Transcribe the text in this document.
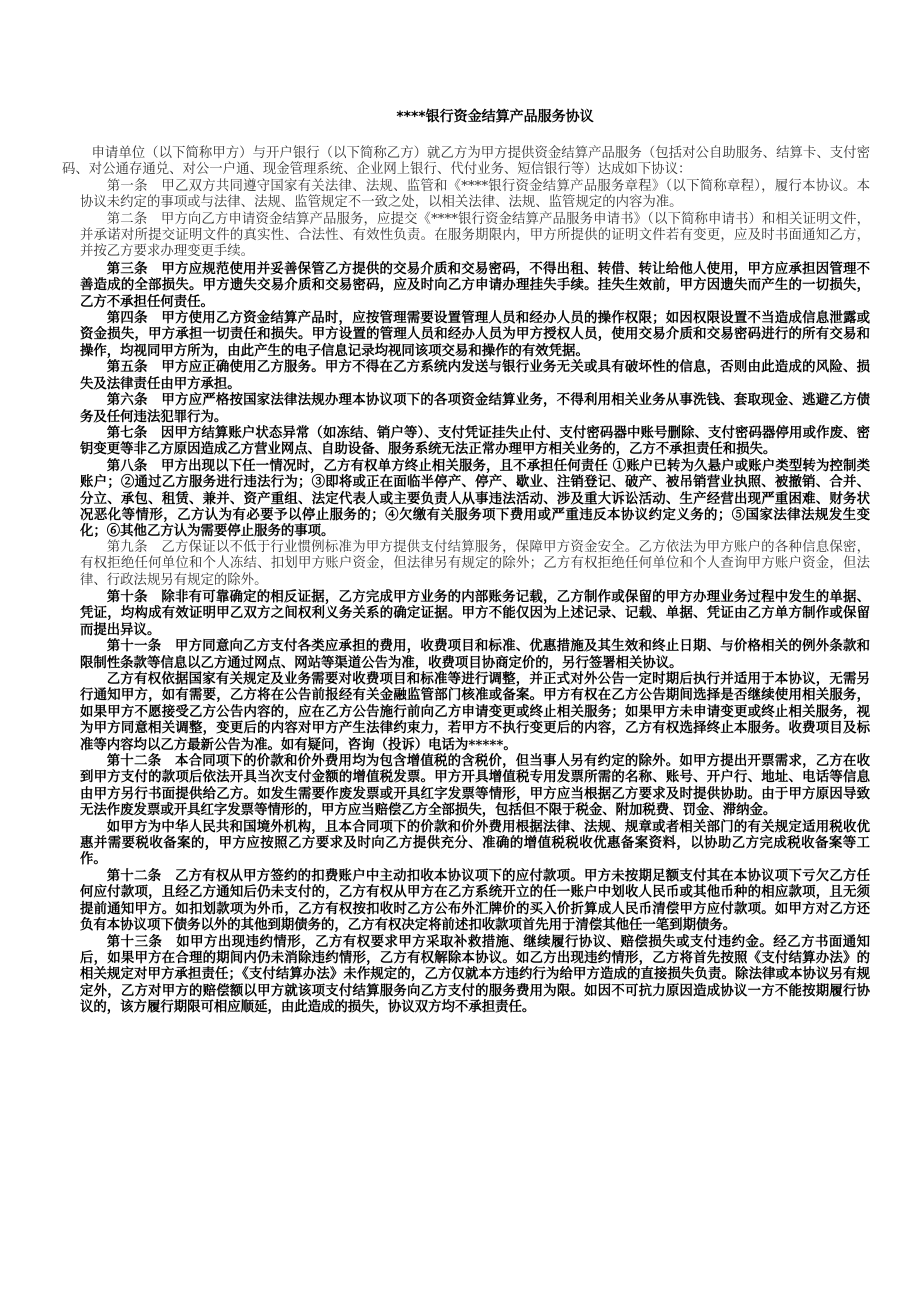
****银行资金结算产品服务协议

申请单位（以下简称甲方）与开户银行（以下简称乙方）就乙方为甲方提供资金结算产品服务（包括对公自助服务、结算卡、支付密码、对公通存通兑、对公一户通、现金管理系统、企业网上银行、代付业务、短信银行等）达成如下协议：

第一条　甲乙双方共同遵守国家有关法律、法规、监管和《****银行资金结算产品服务章程》（以下简称章程），履行本协议。本协议未约定的事项或与法律、法规、监管规定不一致之处，以相关法律、法规、监管规定的内容为准。

第二条　甲方向乙方申请资金结算产品服务，应提交《****银行资金结算产品服务申请书》（以下简称申请书）和相关证明文件，并承诺对所提交证明文件的真实性、合法性、有效性负责。在服务期限内，甲方所提供的证明文件若有变更，应及时书面通知乙方，并按乙方要求办理变更手续。

第三条　甲方应规范使用并妥善保管乙方提供的交易介质和交易密码，不得出租、转借、转让给他人使用，甲方应承担因管理不善造成的全部损失。甲方遗失交易介质和交易密码，应及时向乙方申请办理挂失手续。挂失生效前，甲方因遗失而产生的一切损失，乙方不承担任何责任。

第四条　甲方使用乙方资金结算产品时，应按管理需要设置管理人员和经办人员的操作权限；如因权限设置不当造成信息泄露或资金损失，甲方承担一切责任和损失。甲方设置的管理人员和经办人员为甲方授权人员，使用交易介质和交易密码进行的所有交易和操作，均视同甲方所为，由此产生的电子信息记录均视同该项交易和操作的有效凭据。

第五条　甲方应正确使用乙方服务。甲方不得在乙方系统内发送与银行业务无关或具有破坏性的信息，否则由此造成的风险、损失及法律责任由甲方承担。

第六条　甲方应严格按国家法律法规办理本协议项下的各项资金结算业务，不得利用相关业务从事洗钱、套取现金、逃避乙方债务及任何违法犯罪行为。

第七条　因甲方结算账户状态异常（如冻结、销户等）、支付凭证挂失止付、支付密码器中账号删除、支付密码器停用或作废、密钥变更等非乙方原因造成乙方营业网点、自助设备、服务系统无法正常办理甲方相关业务的，乙方不承担责任和损失。

第八条　甲方出现以下任一情况时，乙方有权单方终止相关服务，且不承担任何责任 ①账户已转为久悬户或账户类型转为控制类账户；②通过乙方服务进行违法行为；③即将或正在面临半停产、停产、歇业、注销登记、破产、被吊销营业执照、被撤销、合并、分立、承包、租赁、兼并、资产重组、法定代表人或主要负责人从事违法活动、涉及重大诉讼活动、生产经营出现严重困难、财务状况恶化等情形，乙方认为有必要予以停止服务的；④欠缴有关服务项下费用或严重违反本协议约定义务的；⑤国家法律法规发生变化；⑥其他乙方认为需要停止服务的事项。

第九条　乙方保证以不低于行业惯例标准为甲方提供支付结算服务，保障甲方资金安全。乙方依法为甲方账户的各种信息保密，有权拒绝任何单位和个人冻结、扣划甲方账户资金，但法律另有规定的除外；乙方有权拒绝任何单位和个人查询甲方账户资金，但法律、行政法规另有规定的除外。

第十条　除非有可靠确定的相反证据，乙方完成甲方业务的内部账务记载，乙方制作或保留的甲方办理业务过程中发生的单据、凭证，均构成有效证明甲乙双方之间权利义务关系的确定证据。甲方不能仅因为上述记录、记载、单据、凭证由乙方单方制作或保留而提出异议。

第十一条　甲方同意向乙方支付各类应承担的费用，收费项目和标准、优惠措施及其生效和终止日期、与价格相关的例外条款和限制性条款等信息以乙方通过网点、网站等渠道公告为准，收费项目协商定价的，另行签署相关协议。

乙方有权依据国家有关规定及业务需要对收费项目和标准等进行调整，并正式对外公告一定时期后执行并适用于本协议，无需另行通知甲方，如有需要，乙方将在公告前报经有关金融监管部门核准或备案。甲方有权在乙方公告期间选择是否继续使用相关服务，如果甲方不愿接受乙方公告内容的，应在乙方公告施行前向乙方申请变更或终止相关服务；如果甲方未申请变更或终止相关服务，视为甲方同意相关调整，变更后的内容对甲方产生法律约束力，若甲方不执行变更后的内容，乙方有权选择终止本服务。收费项目及标准等内容均以乙方最新公告为准。如有疑问，咨询（投诉）电话为*****。

第十二条　本合同项下的价款和价外费用均为包含增值税的含税价，但当事人另有约定的除外。如甲方提出开票需求，乙方在收到甲方支付的款项后依法开具当次支付金额的增值税发票。甲方开具增值税专用发票所需的名称、账号、开户行、地址、电话等信息由甲方另行书面提供给乙方。如发生需要作废发票或开具红字发票等情形，甲方应当根据乙方要求及时提供协助。由于甲方原因导致无法作废发票或开具红字发票等情形的，甲方应当赔偿乙方全部损失，包括但不限于税金、附加税费、罚金、滞纳金。

如甲方为中华人民共和国境外机构，且本合同项下的价款和价外费用根据法律、法规、规章或者相关部门的有关规定适用税收优惠并需要税收备案的，甲方应按照乙方要求及时向乙方提供充分、准确的增值税税收优惠备案资料，以协助乙方完成税收备案等工作。

第十二条　乙方有权从甲方签约的扣费账户中主动扣收本协议项下的应付款项。甲方未按期足额支付其在本协议项下亏欠乙方任何应付款项，且经乙方通知后仍未支付的，乙方有权从甲方在乙方系统开立的任一账户中划收人民币或其他币种的相应款项，且无须提前通知甲方。如扣划款项为外币，乙方有权按扣收时乙方公布外汇牌价的买入价折算成人民币清偿甲方应付款项。如甲方对乙方还负有本协议项下债务以外的其他到期债务的，乙方有权决定将前述扣收款项首先用于清偿其他任一笔到期债务。

第十三条　如甲方出现违约情形，乙方有权要求甲方采取补救措施、继续履行协议、赔偿损失或支付违约金。经乙方书面通知后，如果甲方在合理的期间内仍未消除违约情形，乙方有权解除本协议。如乙方出现违约情形，乙方将首先按照《支付结算办法》的相关规定对甲方承担责任；《支付结算办法》未作规定的，乙方仅就本方违约行为给甲方造成的直接损失负责。除法律或本协议另有规定外，乙方对甲方的赔偿额以甲方就该项支付结算服务向乙方支付的服务费用为限。如因不可抗力原因造成协议一方不能按期履行协议的，该方履行期限可相应顺延，由此造成的损失，协议双方均不承担责任。
